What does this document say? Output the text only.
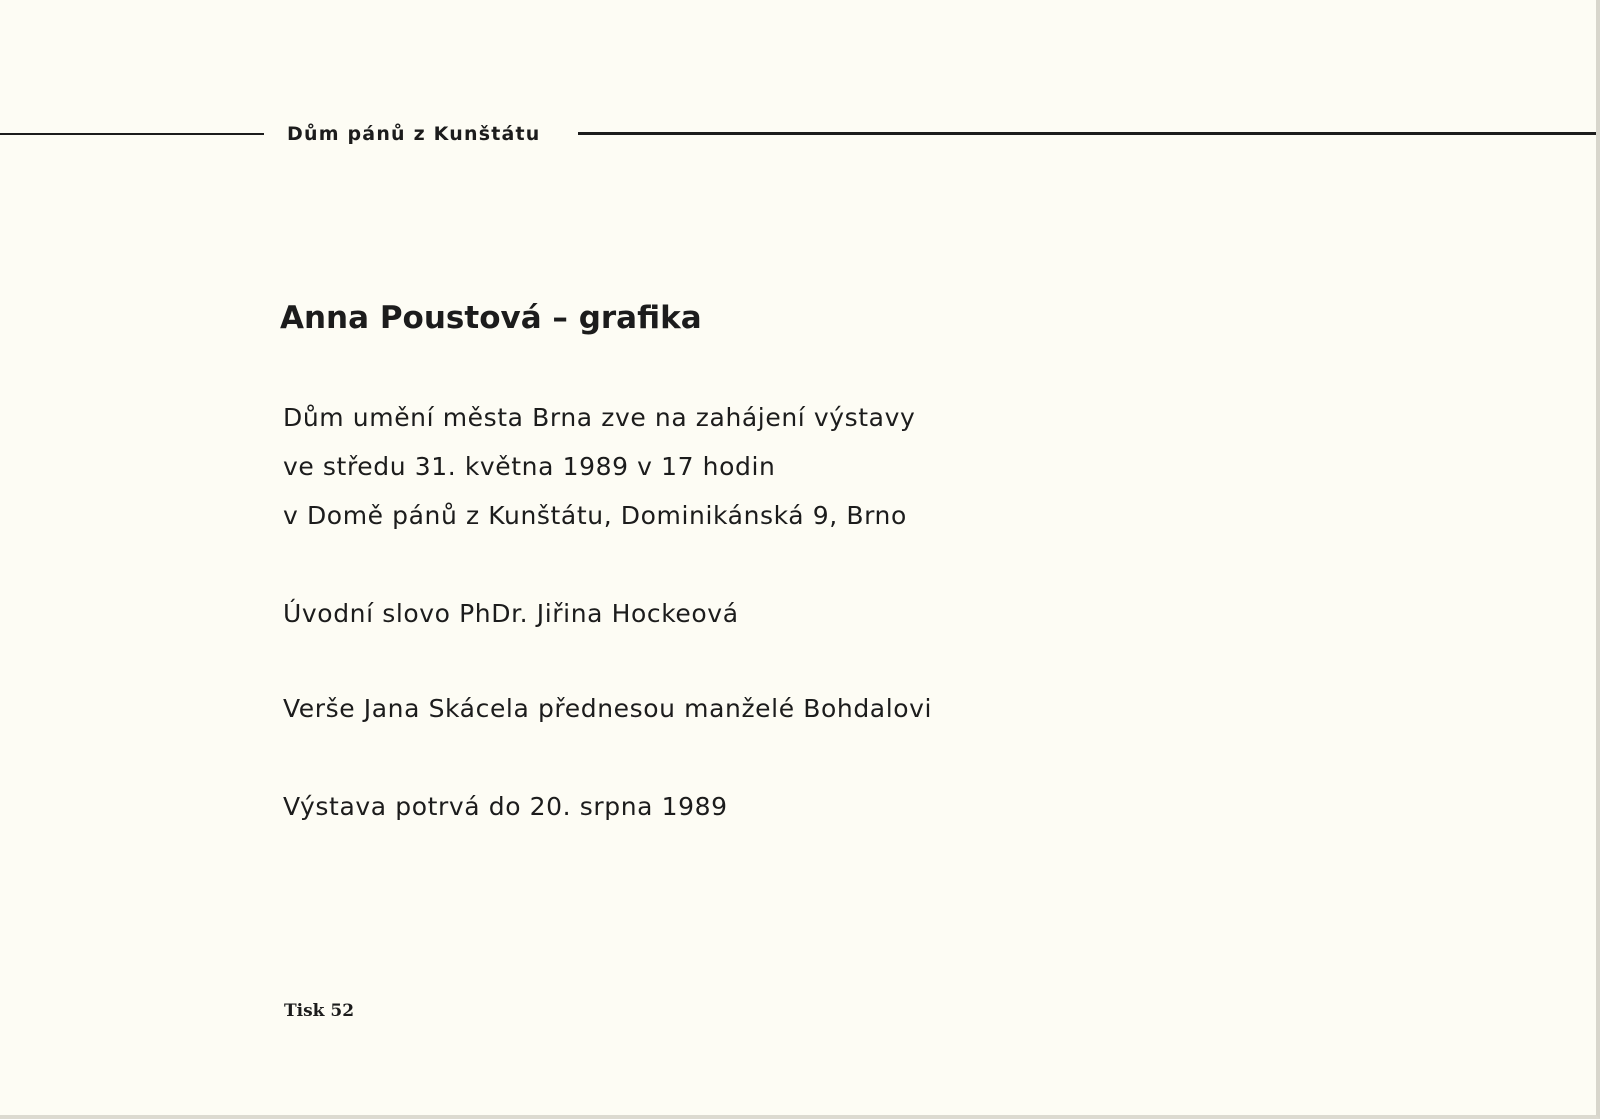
Dům pánů z Kunštátu
Anna Poustová – grafika
Dům umění města Brna zve na zahájení výstavy
ve středu 31. května 1989 v 17 hodin
v Domě pánů z Kunštátu, Dominikánská 9, Brno
Úvodní slovo PhDr. Jiřina Hockeová
Verše Jana Skácela přednesou manželé Bohdalovi
Výstava potrvá do 20. srpna 1989
Tisk 52
